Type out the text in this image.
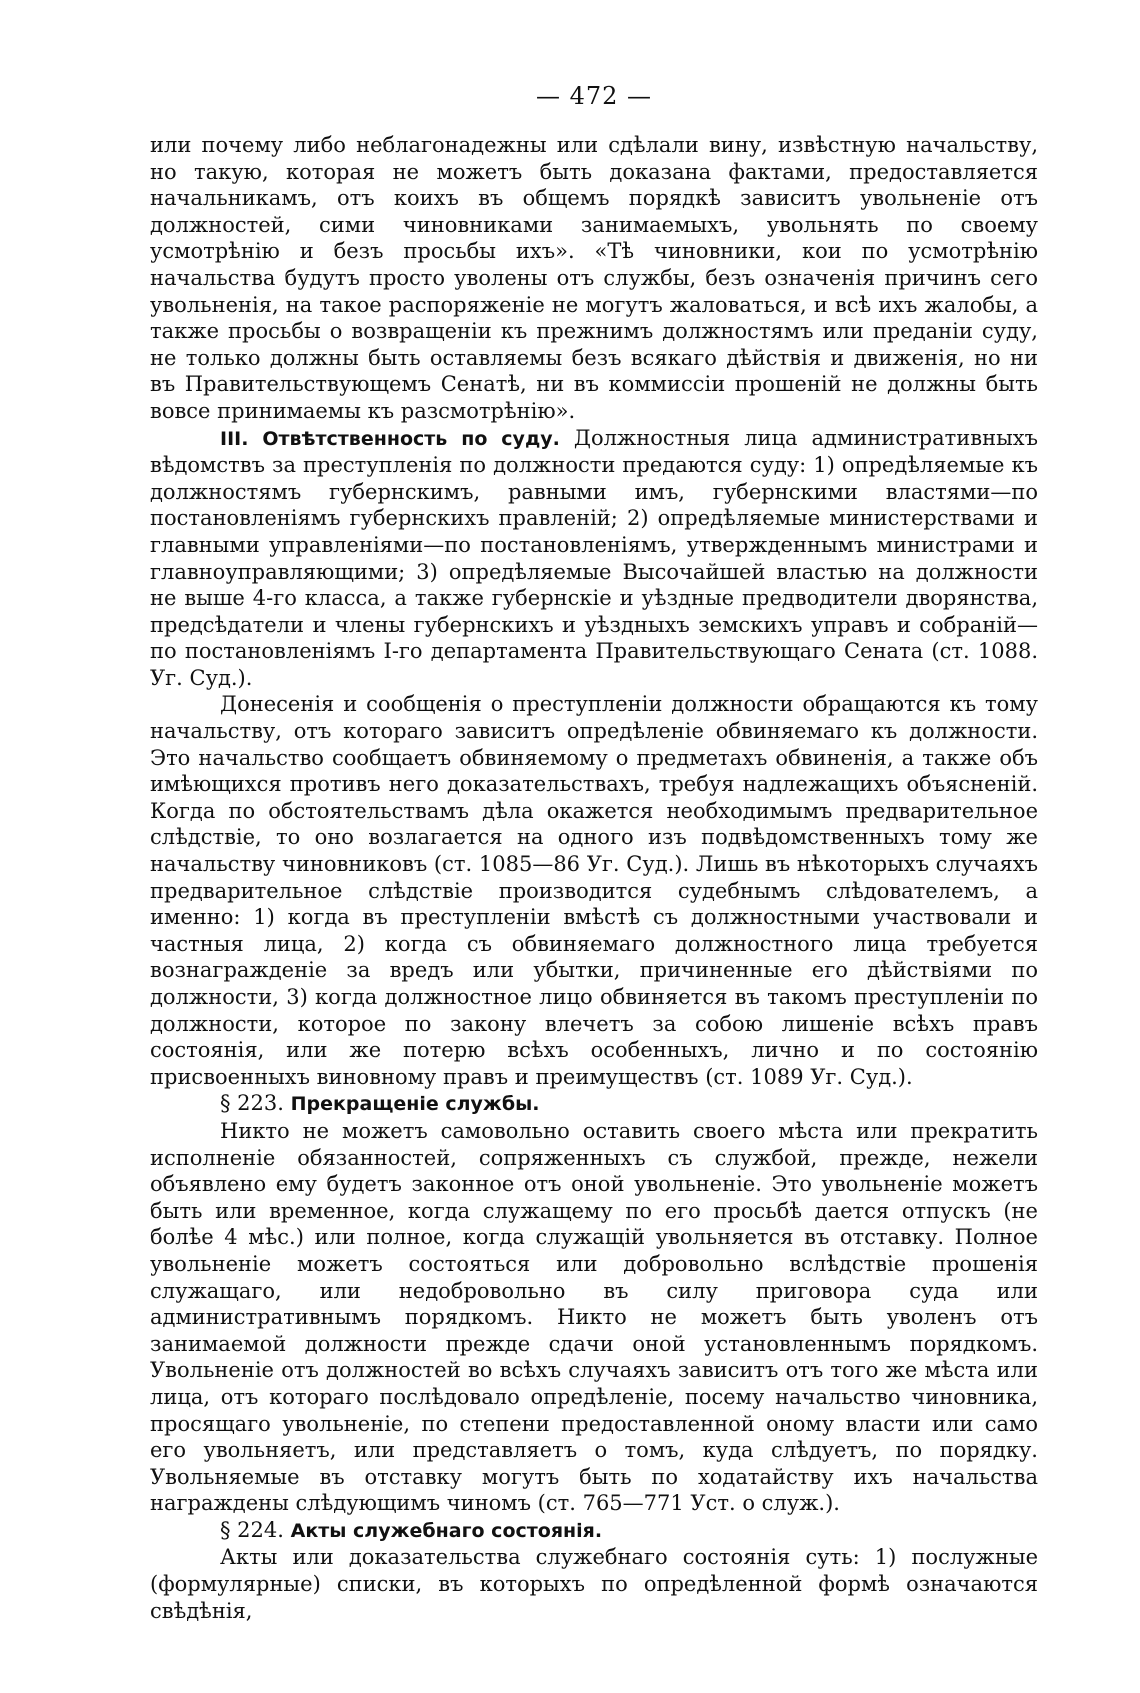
— 472 —

или почему либо неблагонадежны или сдѣлали вину, извѣстную начальству, но такую, которая не можетъ быть доказана фактами, предоставляется начальникамъ, отъ коихъ въ общемъ порядкѣ зависитъ увольненіе отъ должностей, сими чиновниками занимаемыхъ, увольнять по своему усмотрѣнію и безъ просьбы ихъ». «Тѣ чиновники, кои по усмотрѣнію начальства будутъ просто уволены отъ службы, безъ означенія причинъ сего увольненія, на такое распоряженіе не могутъ жаловаться, и всѣ ихъ жалобы, а также просьбы о возвращеніи къ прежнимъ должностямъ или преданіи суду, не только должны быть оставляемы безъ всякаго дѣйствія и движенія, но ни въ Правительствующемъ Сенатѣ, ни въ коммиссіи прошеній не должны быть вовсе принимаемы къ разсмотрѣнію».

III. Отвѣтственность по суду. Должностныя лица административныхъ вѣдомствъ за преступленія по должности предаются суду: 1) опредѣляемые къ должностямъ губернскимъ, равными имъ, губернскими властями—по постановленіямъ губернскихъ правленій; 2) опредѣляемые министерствами и главными управленіями—по постановленіямъ, утвержденнымъ министрами и главноуправляющими; 3) опредѣляемые Высочайшей властью на должности не выше 4-го класса, а также губернскіе и уѣздные предводители дворянства, предсѣдатели и члены губернскихъ и уѣздныхъ земскихъ управъ и собраній—по постановленіямъ I-го департамента Правительствующаго Сената (ст. 1088. Уг. Суд.).

Донесенія и сообщенія о преступленіи должности обращаются къ тому начальству, отъ котораго зависитъ опредѣленіе обвиняемаго къ должности. Это начальство сообщаетъ обвиняемому о предметахъ обвиненія, а также объ имѣющихся противъ него доказательствахъ, требуя надлежащихъ объясненій. Когда по обстоятельствамъ дѣла окажется необходимымъ предварительное слѣдствіе, то оно возлагается на одного изъ подвѣдомственныхъ тому же начальству чиновниковъ (ст. 1085—86 Уг. Суд.). Лишь въ нѣкоторыхъ случаяхъ предварительное слѣдствіе производится судебнымъ слѣдователемъ, а именно: 1) когда въ преступленіи вмѣстѣ съ должностными участвовали и частныя лица, 2) когда съ обвиняемаго должностного лица требуется вознагражденіе за вредъ или убытки, причиненные его дѣйствіями по должности, 3) когда должностное лицо обвиняется въ такомъ преступленіи по должности, которое по закону влечетъ за собою лишеніе всѣхъ правъ состоянія, или же потерю всѣхъ особенныхъ, лично и по состоянію присвоенныхъ виновному правъ и преимуществъ (ст. 1089 Уг. Суд.).

§ 223. Прекращеніе службы.

Никто не можетъ самовольно оставить своего мѣста или прекратить исполненіе обязанностей, сопряженныхъ съ службой, прежде, нежели объявлено ему будетъ законное отъ оной увольненіе. Это увольненіе можетъ быть или временное, когда служащему по его просьбѣ дается отпускъ (не болѣе 4 мѣс.) или полное, когда служащій увольняется въ отставку. Полное увольненіе можетъ состояться или добровольно вслѣдствіе прошенія служащаго, или недобровольно въ силу приговора суда или административнымъ порядкомъ. Никто не можетъ быть уволенъ отъ занимаемой должности прежде сдачи оной установленнымъ порядкомъ. Увольненіе отъ должностей во всѣхъ случаяхъ зависитъ отъ того же мѣста или лица, отъ котораго послѣдовало опредѣленіе, посему начальство чиновника, просящаго увольненіе, по степени предоставленной оному власти или само его увольняетъ, или представляетъ о томъ, куда слѣдуетъ, по порядку. Увольняемые въ отставку могутъ быть по ходатайству ихъ начальства награждены слѣдующимъ чиномъ (ст. 765—771 Уст. о служ.).

§ 224. Акты служебнаго состоянія.

Акты или доказательства служебнаго состоянія суть: 1) послужные (формулярные) списки, въ которыхъ по опредѣленной формѣ означаются свѣдѣнія,
